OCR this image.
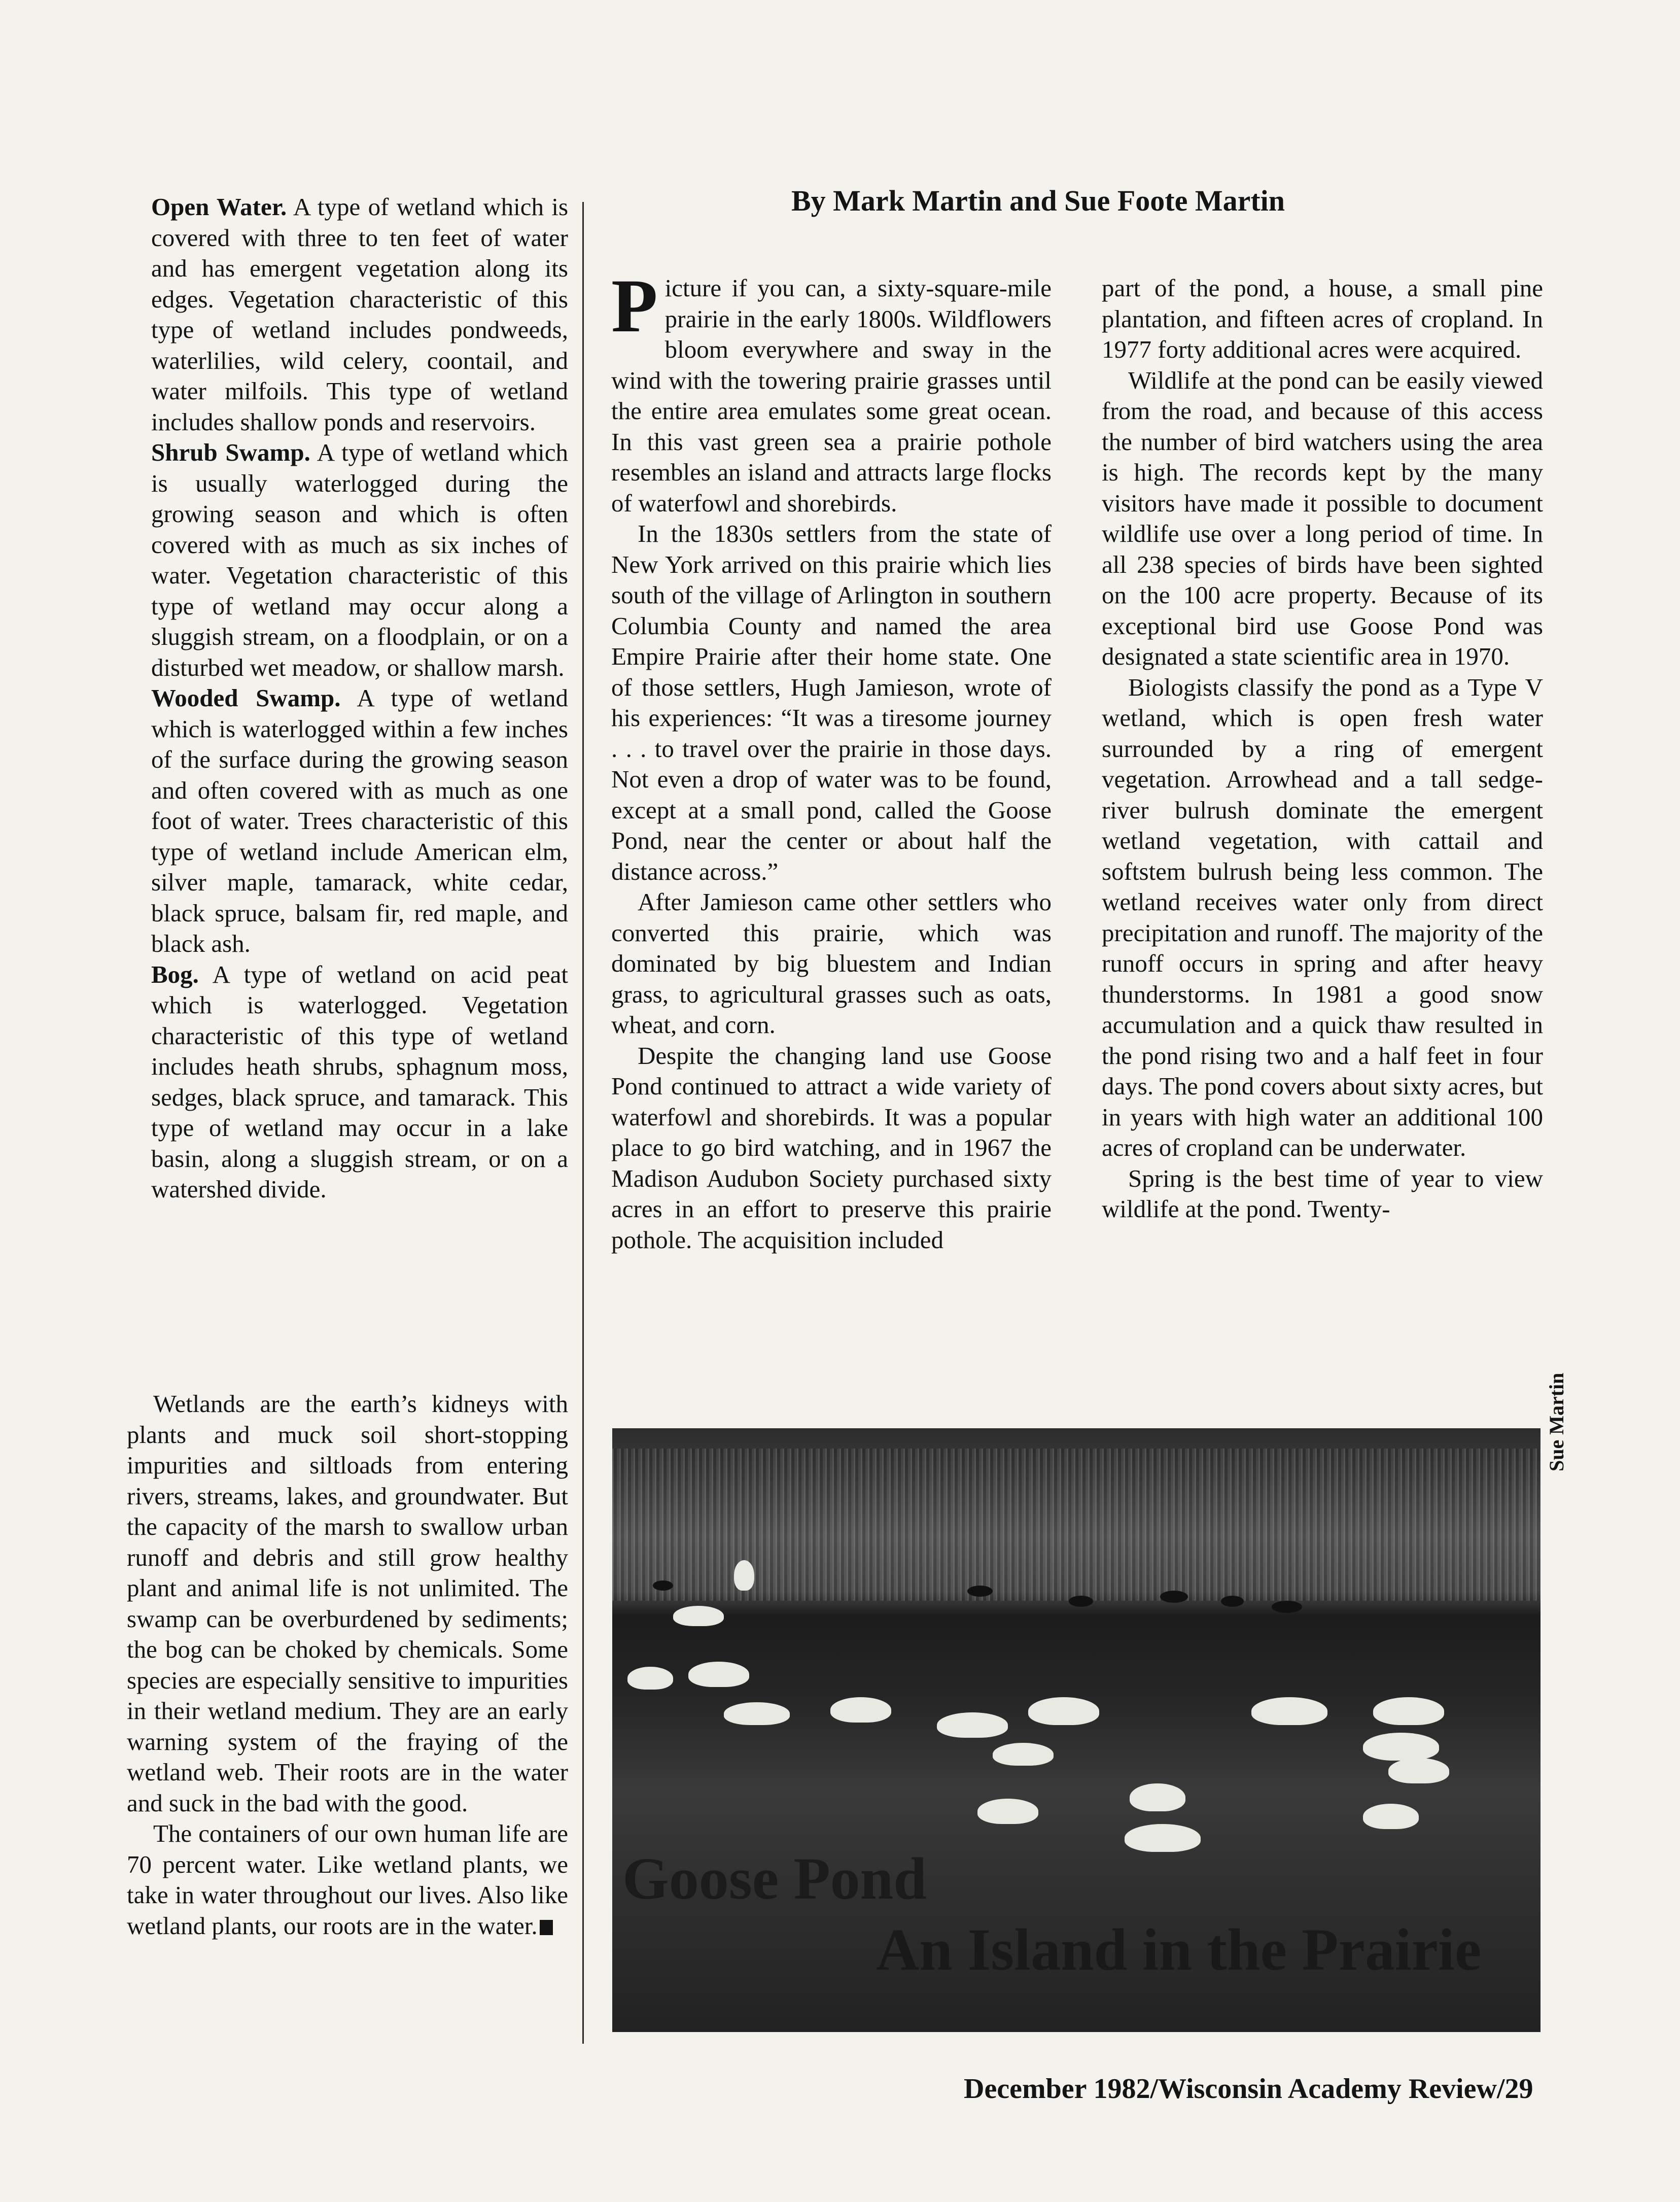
Open Water. A type of wetland which is covered with three to ten feet of water and has emergent vegetation along its edges. Vegetation characteristic of this type of wetland includes pondweeds, waterlilies, wild celery, coontail, and water milfoils. This type of wetland includes shallow ponds and reservoirs.

Shrub Swamp. A type of wetland which is usually waterlogged during the growing season and which is often covered with as much as six inches of water. Vegetation characteristic of this type of wetland may occur along a sluggish stream, on a floodplain, or on a disturbed wet meadow, or shallow marsh.

Wooded Swamp. A type of wetland which is waterlogged within a few inches of the surface during the growing season and often covered with as much as one foot of water. Trees characteristic of this type of wetland include American elm, silver maple, tamarack, white cedar, black spruce, balsam fir, red maple, and black ash.

Bog. A type of wetland on acid peat which is waterlogged. Vegetation characteristic of this type of wetland includes heath shrubs, sphagnum moss, sedges, black spruce, and tamarack. This type of wetland may occur in a lake basin, along a sluggish stream, or on a watershed divide.

Wetlands are the earth’s kidneys with plants and muck soil short-stopping impurities and siltloads from entering rivers, streams, lakes, and groundwater. But the capacity of the marsh to swallow urban runoff and debris and still grow healthy plant and animal life is not unlimited. The swamp can be overburdened by sediments; the bog can be choked by chemicals. Some species are especially sensitive to impurities in their wetland medium. They are an early warning system of the fraying of the wetland web. Their roots are in the water and suck in the bad with the good.

The containers of our own human life are 70 percent water. Like wetland plants, we take in water throughout our lives. Also like wetland plants, our roots are in the water.

By Mark Martin and Sue Foote Martin

Picture if you can, a sixty-square-mile prairie in the early 1800s. Wildflowers bloom everywhere and sway in the wind with the towering prairie grasses until the entire area emulates some great ocean. In this vast green sea a prairie pothole resembles an island and attracts large flocks of waterfowl and shorebirds.

In the 1830s settlers from the state of New York arrived on this prairie which lies south of the village of Arlington in southern Columbia County and named the area Empire Prairie after their home state. One of those settlers, Hugh Jamieson, wrote of his experiences: “It was a tiresome journey . . . to travel over the prairie in those days. Not even a drop of water was to be found, except at a small pond, called the Goose Pond, near the center or about half the distance across.”

After Jamieson came other settlers who converted this prairie, which was dominated by big bluestem and Indian grass, to agricultural grasses such as oats, wheat, and corn.

Despite the changing land use Goose Pond continued to attract a wide variety of waterfowl and shorebirds. It was a popular place to go bird watching, and in 1967 the Madison Audubon Society purchased sixty acres in an effort to preserve this prairie pothole. The acquisition included

part of the pond, a house, a small pine plantation, and fifteen acres of cropland. In 1977 forty additional acres were acquired.

Wildlife at the pond can be easily viewed from the road, and because of this access the number of bird watchers using the area is high. The records kept by the many visitors have made it possible to document wildlife use over a long period of time. In all 238 species of birds have been sighted on the 100 acre property. Because of its exceptional bird use Goose Pond was designated a state scientific area in 1970.

Biologists classify the pond as a Type V wetland, which is open fresh water surrounded by a ring of emergent vegetation. Arrowhead and a tall sedge-river bulrush dominate the emergent wetland vegetation, with cattail and softstem bulrush being less common. The wetland receives water only from direct precipitation and runoff. The majority of the runoff occurs in spring and after heavy thunderstorms. In 1981 a good snow accumulation and a quick thaw resulted in the pond rising two and a half feet in four days. The pond covers about sixty acres, but in years with high water an additional 100 acres of cropland can be underwater.

Spring is the best time of year to view wildlife at the pond. Twenty-

Goose Pond
An Island in the Prairie
Sue Martin
December 1982/Wisconsin Academy Review/29
